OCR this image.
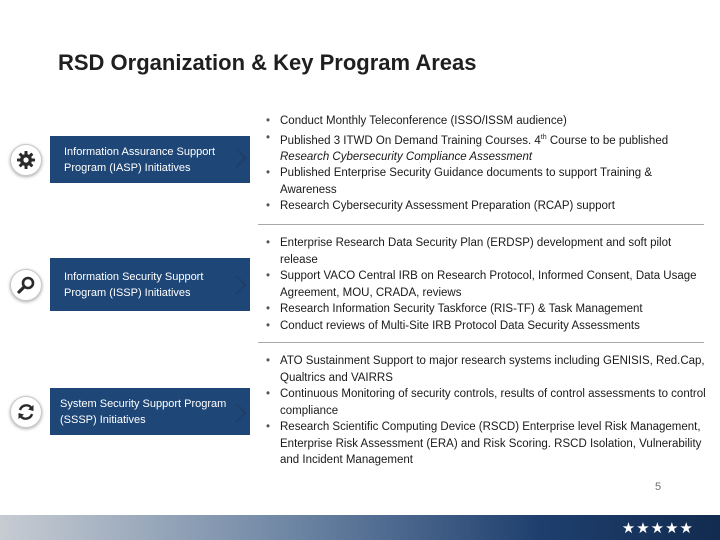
RSD Organization & Key Program Areas
Information Assurance Support Program (IASP) Initiatives
• Conduct Monthly Teleconference (ISSO/ISSM audience)
• Published 3 ITWD On Demand Training Courses. 4th Course to be published Research Cybersecurity Compliance Assessment
• Published Enterprise Security Guidance documents to support Training & Awareness
• Research Cybersecurity Assessment Preparation (RCAP) support
Information Security Support Program (ISSP) Initiatives
• Enterprise Research Data Security Plan (ERDSP) development and soft pilot release
• Support VACO Central IRB on Research Protocol, Informed Consent, Data Usage Agreement, MOU, CRADA, reviews
• Research Information Security Taskforce (RIS-TF) & Task Management
• Conduct reviews of Multi-Site IRB Protocol Data Security Assessments
System Security Support Program (SSSP) Initiatives
• ATO Sustainment Support to major research systems including GENISIS, Red.Cap, Qualtrics and VAIRRS
• Continuous Monitoring of security controls, results of control assessments to control compliance
• Research Scientific Computing Device (RSCD) Enterprise level Risk Management, Enterprise Risk Assessment (ERA) and Risk Scoring. RSCD Isolation, Vulnerability and Incident Management
5
★★★★★
